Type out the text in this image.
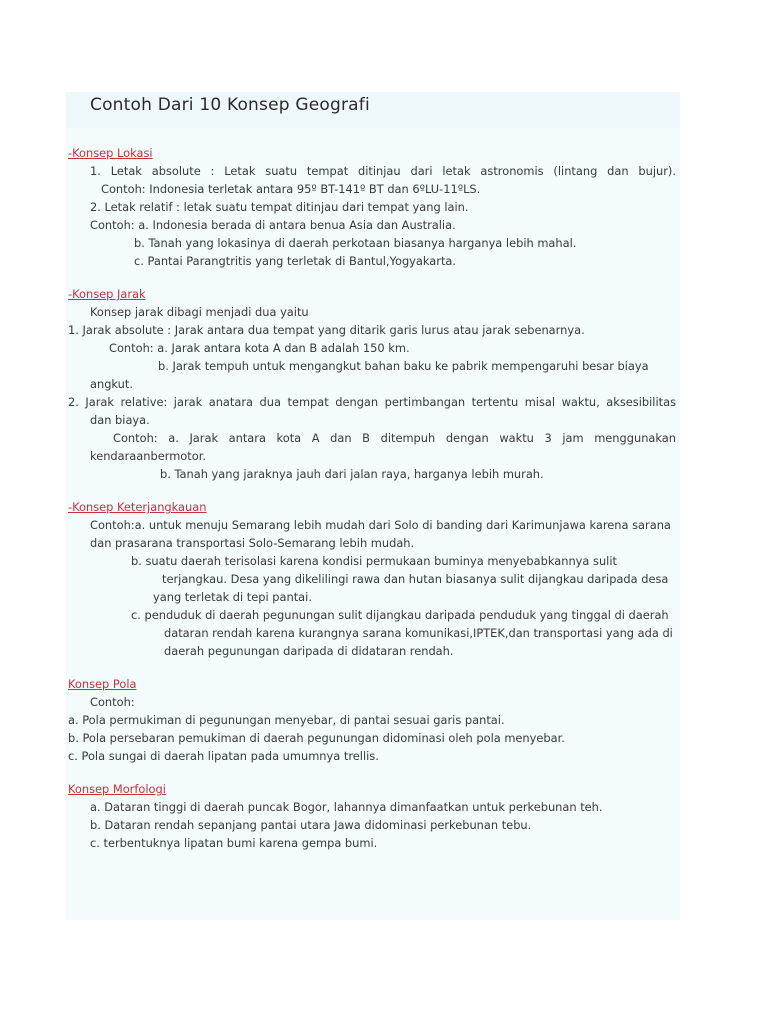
Contoh Dari 10 Konsep Geografi
-Konsep Lokasi
1. Letak absolute : Letak suatu tempat ditinjau dari letak astronomis (lintang dan bujur).
Contoh: Indonesia terletak antara 95º BT-141º BT dan 6ºLU-11ºLS.
2. Letak relatif : letak suatu tempat ditinjau dari tempat yang lain.
Contoh: a. Indonesia berada di antara benua Asia dan Australia.
b. Tanah yang lokasinya di daerah perkotaan biasanya harganya lebih mahal.
c. Pantai Parangtritis yang terletak di Bantul,Yogyakarta.
-Konsep Jarak
Konsep jarak dibagi menjadi dua yaitu
1. Jarak absolute : Jarak antara dua tempat yang ditarik garis lurus atau jarak sebenarnya.
Contoh: a. Jarak antara kota A dan B adalah 150 km.
b. Jarak tempuh untuk mengangkut bahan baku ke pabrik mempengaruhi besar biaya
angkut.
2. Jarak relative: jarak anatara dua tempat dengan pertimbangan tertentu misal waktu, aksesibilitas
dan biaya.
Contoh: a. Jarak antara kota A dan B ditempuh dengan waktu 3 jam menggunakan
kendaraanbermotor.
b. Tanah yang jaraknya jauh dari jalan raya, harganya lebih murah.
-Konsep Keterjangkauan
Contoh:a. untuk menuju Semarang lebih mudah dari Solo di banding dari Karimunjawa karena sarana
dan prasarana transportasi Solo-Semarang lebih mudah.
b. suatu daerah terisolasi karena kondisi permukaan buminya menyebabkannya sulit
terjangkau. Desa yang dikelilingi rawa dan hutan biasanya sulit dijangkau daripada desa
yang terletak di tepi pantai.
c. penduduk di daerah pegunungan sulit dijangkau daripada penduduk yang tinggal di daerah
dataran rendah karena kurangnya sarana komunikasi,IPTEK,dan transportasi yang ada di
daerah pegunungan daripada di didataran rendah.
Konsep Pola
Contoh:
a. Pola permukiman di pegunungan menyebar, di pantai sesuai garis pantai.
b. Pola persebaran pemukiman di daerah pegunungan didominasi oleh pola menyebar.
c. Pola sungai di daerah lipatan pada umumnya trellis.
Konsep Morfologi
a. Dataran tinggi di daerah puncak Bogor, lahannya dimanfaatkan untuk perkebunan teh.
b. Dataran rendah sepanjang pantai utara Jawa didominasi perkebunan tebu.
c. terbentuknya lipatan bumi karena gempa bumi.
